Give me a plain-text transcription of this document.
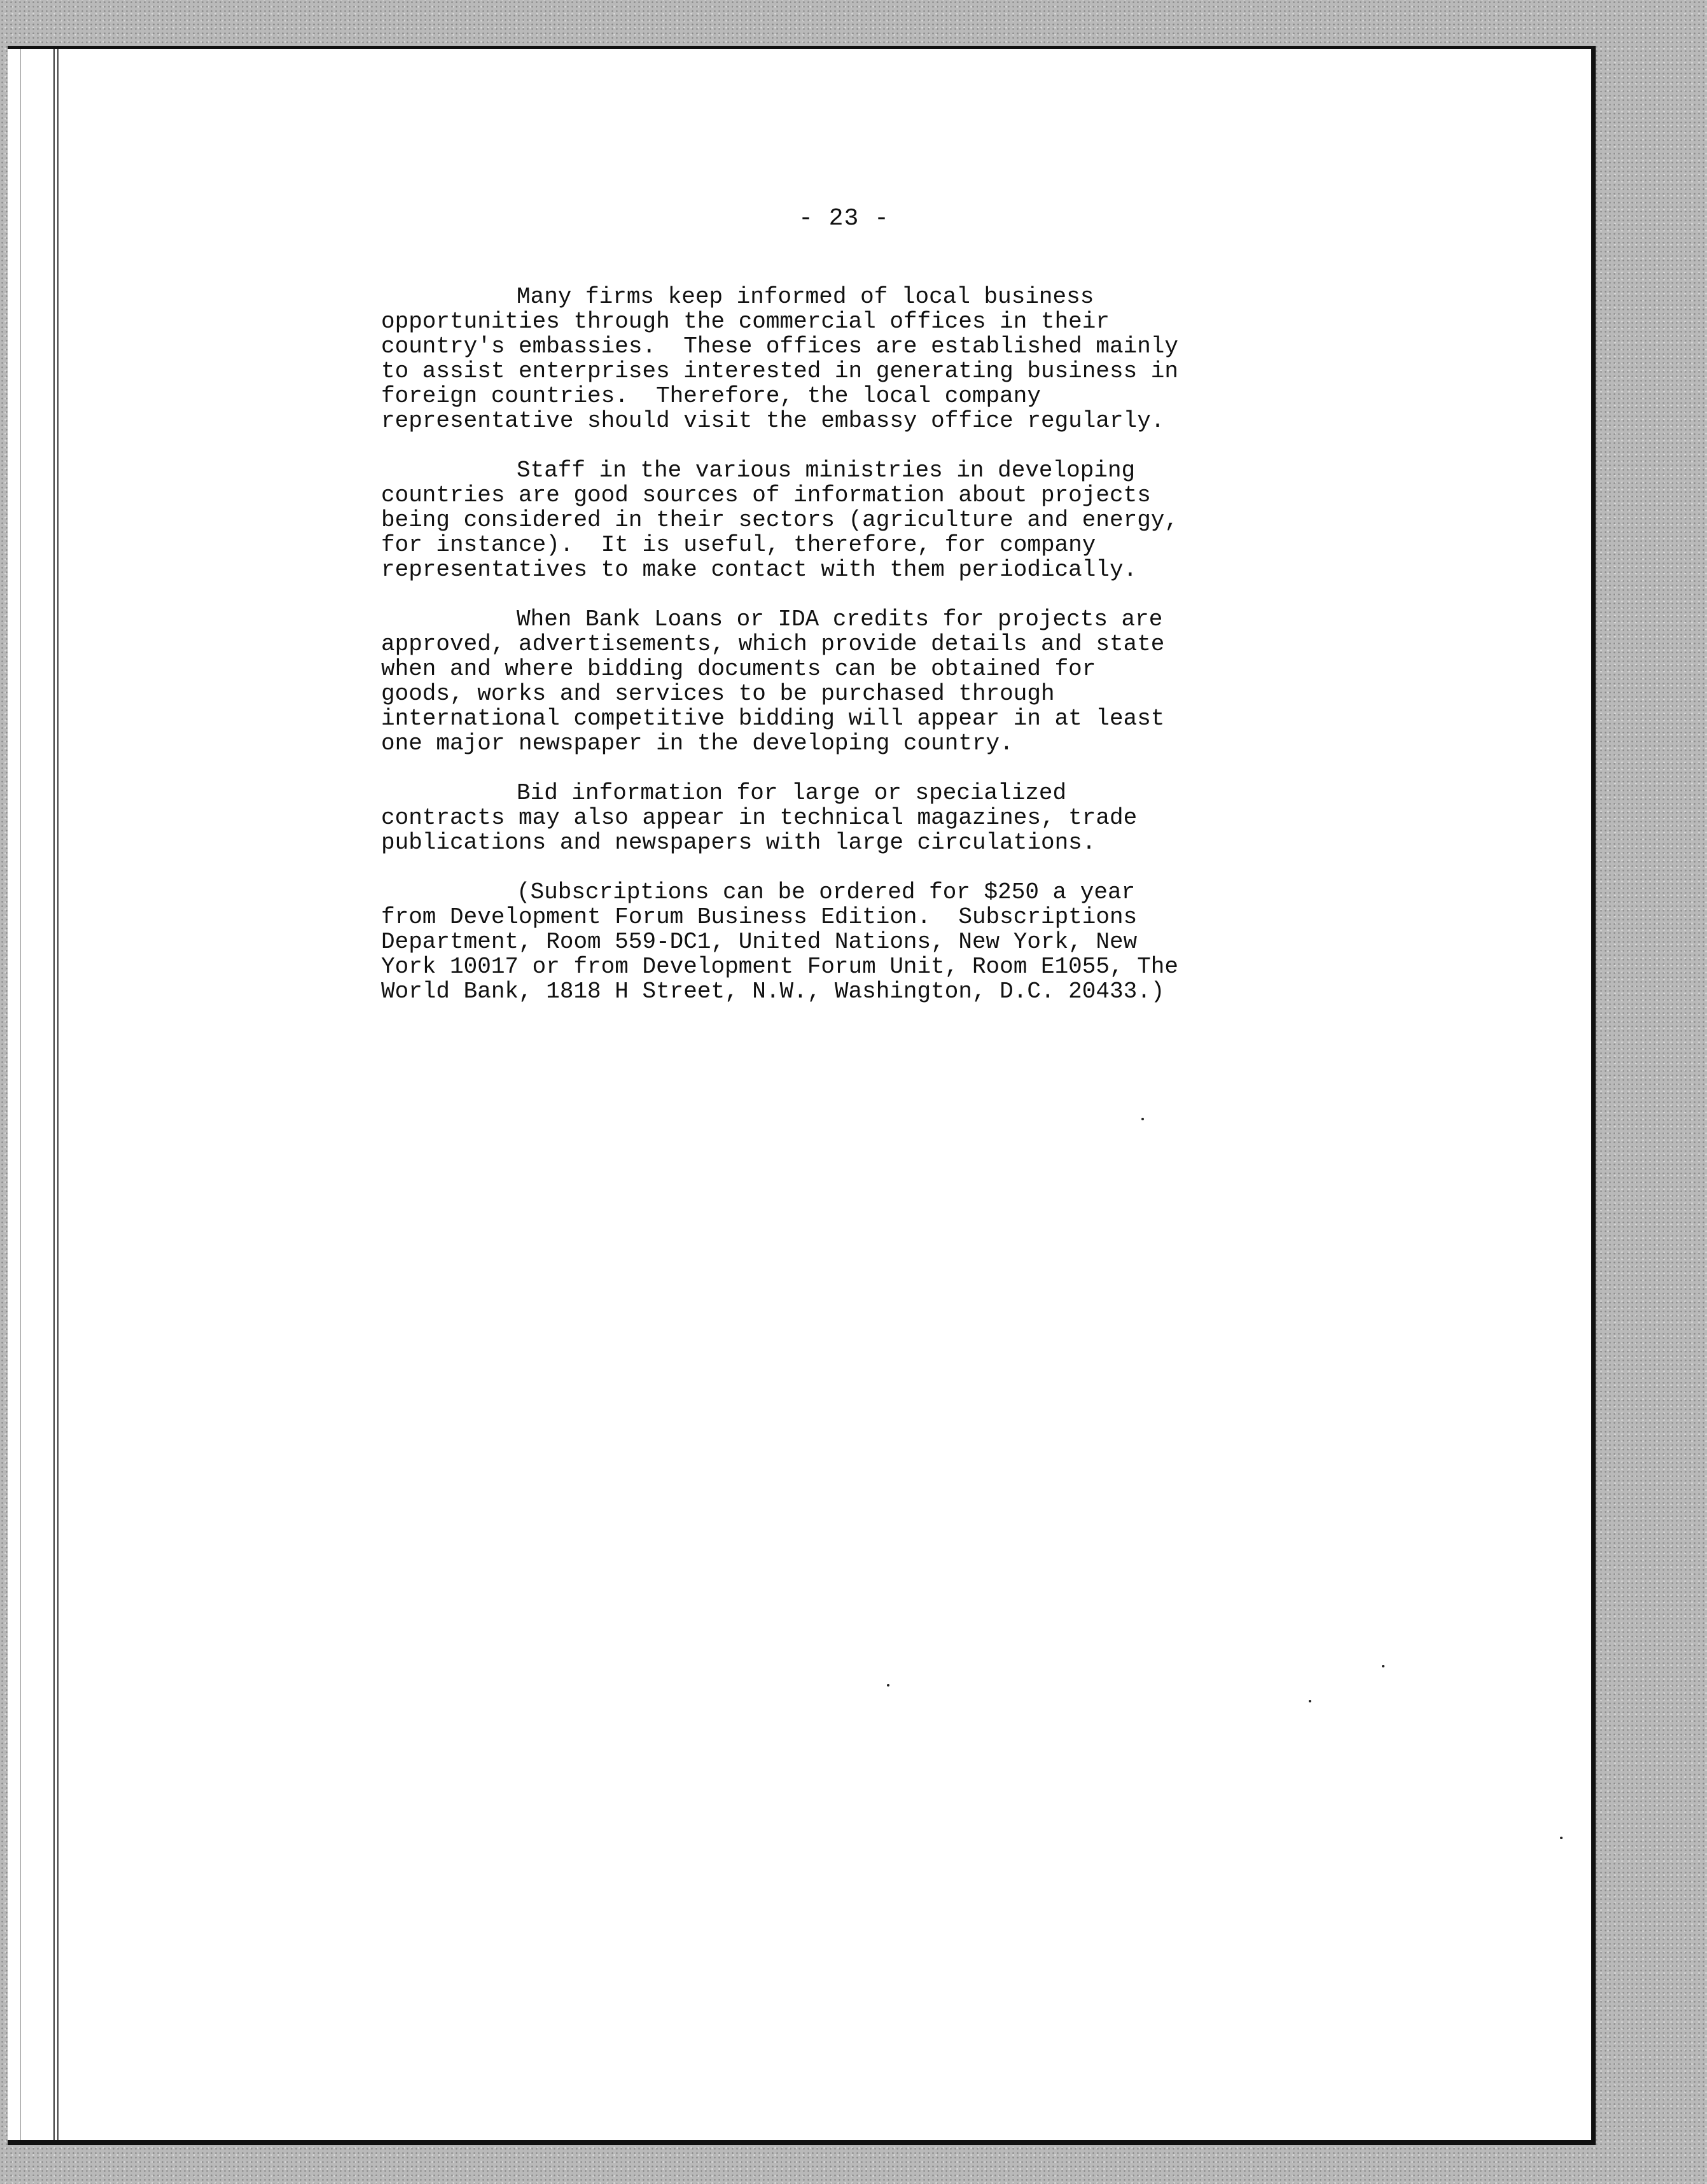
- 23 -

Many firms keep informed of local business
opportunities through the commercial offices in their
country's embassies.  These offices are established mainly
to assist enterprises interested in generating business in
foreign countries.  Therefore, the local company
representative should visit the embassy office regularly.

Staff in the various ministries in developing
countries are good sources of information about projects
being considered in their sectors (agriculture and energy,
for instance).  It is useful, therefore, for company
representatives to make contact with them periodically.

When Bank Loans or IDA credits for projects are
approved, advertisements, which provide details and state
when and where bidding documents can be obtained for
goods, works and services to be purchased through
international competitive bidding will appear in at least
one major newspaper in the developing country.

Bid information for large or specialized
contracts may also appear in technical magazines, trade
publications and newspapers with large circulations.

(Subscriptions can be ordered for $250 a year
from Development Forum Business Edition.  Subscriptions
Department, Room 559-DC1, United Nations, New York, New
York 10017 or from Development Forum Unit, Room E1055, The
World Bank, 1818 H Street, N.W., Washington, D.C. 20433.)
